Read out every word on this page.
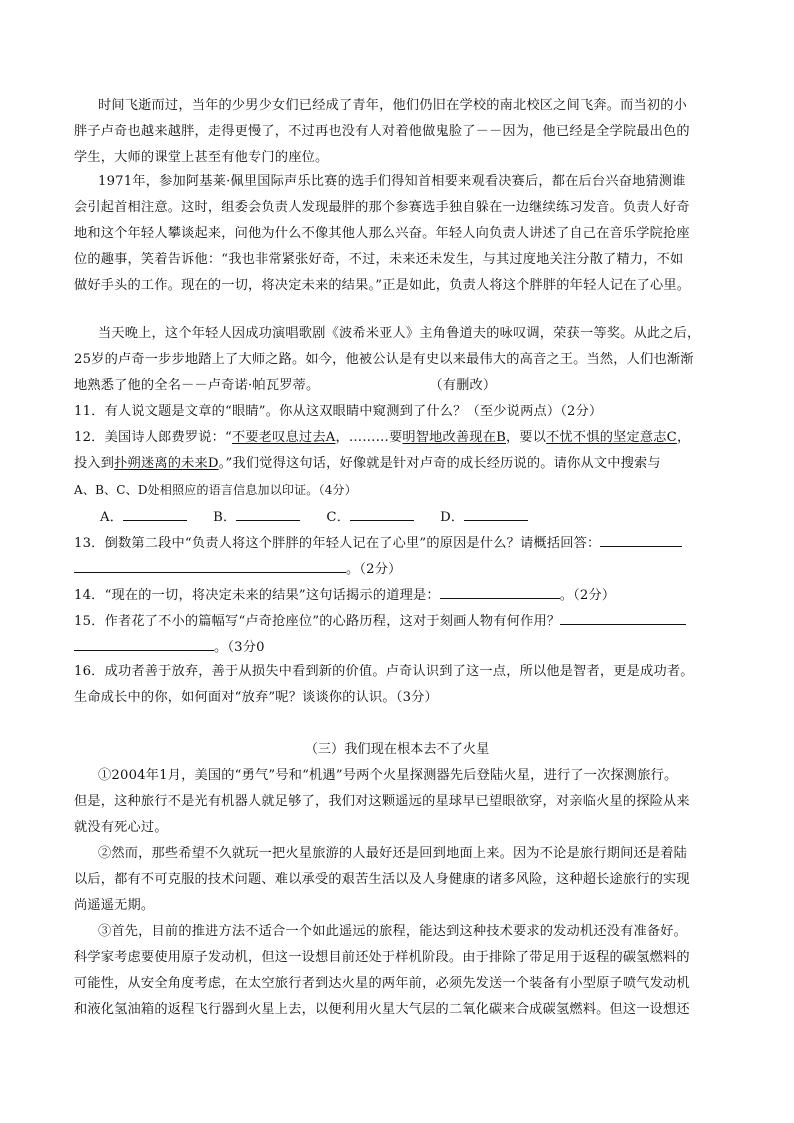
时间飞逝而过，当年的少男少女们已经成了青年，他们仍旧在学校的南北校区之间飞奔。而当初的小
胖子卢奇也越来越胖，走得更慢了，不过再也没有人对着他做鬼脸了－－因为，他已经是全学院最出色的
学生，大师的课堂上甚至有他专门的座位。
1971年，参加阿基莱·佩里国际声乐比赛的选手们得知首相要来观看决赛后，都在后台兴奋地猜测谁
会引起首相注意。这时，组委会负责人发现最胖的那个参赛选手独自躲在一边继续练习发音。负责人好奇
地和这个年轻人攀谈起来，问他为什么不像其他人那么兴奋。年轻人向负责人讲述了自己在音乐学院抢座
位的趣事，笑着告诉他：“我也非常紧张好奇，不过，未来还未发生，与其过度地关注分散了精力，不如
做好手头的工作。现在的一切，将决定未来的结果。”正是如此，负责人将这个胖胖的年轻人记在了心里。
当天晚上，这个年轻人因成功演唱歌剧《波希米亚人》主角鲁道夫的咏叹调，荣获一等奖。从此之后，
25岁的卢奇一步步地踏上了大师之路。如今，他被公认是有史以来最伟大的高音之王。当然，人们也渐渐
地熟悉了他的全名－－卢奇诺·帕瓦罗蒂。	（有删改）
11．有人说文题是文章的“眼睛”。你从这双眼睛中窥测到了什么？（至少说两点）（2分）
12．美国诗人郎费罗说：“不要老叹息过去A，………要明智地改善现在B，要以不忧不惧的坚定意志C，
投入到扑朔迷离的未来D。”我们觉得这句话，好像就是针对卢奇的成长经历说的。请你从文中搜索与
A、B、C、D处相照应的语言信息加以印证。（4分）
A．	B．	C．	D．
13．倒数第二段中“负责人将这个胖胖的年轻人记在了心里”的原因是什么？请概括回答：
。（2分）
14．“现在的一切，将决定未来的结果”这句话揭示的道理是：	。（2分）
15．作者花了不小的篇幅写“卢奇抢座位”的心路历程，这对于刻画人物有何作用？
。（3分0
16．成功者善于放弃，善于从损失中看到新的价值。卢奇认识到了这一点，所以他是智者，更是成功者。
生命成长中的你，如何面对“放弃”呢？谈谈你的认识。（3分）
（三）我们现在根本去不了火星
①2004年1月，美国的“勇气”号和“机遇”号两个火星探测器先后登陆火星，进行了一次探测旅行。
但是，这种旅行不是光有机器人就足够了，我们对这颗遥远的星球早已望眼欲穿，对亲临火星的探险从来
就没有死心过。
②然而，那些希望不久就玩一把火星旅游的人最好还是回到地面上来。因为不论是旅行期间还是着陆
以后，都有不可克服的技术问题、难以承受的艰苦生活以及人身健康的诸多风险，这种超长途旅行的实现
尚遥遥无期。
③首先，目前的推进方法不适合一个如此遥远的旅程，能达到这种技术要求的发动机还没有准备好。
科学家考虑要使用原子发动机，但这一设想目前还处于样机阶段。由于排除了带足用于返程的碳氢燃料的
可能性，从安全角度考虑，在太空旅行者到达火星的两年前，必须先发送一个装备有小型原子喷气发动机
和液化氢油箱的返程飞行器到火星上去，以便利用火星大气层的二氧化碳来合成碳氢燃料。但这一设想还
